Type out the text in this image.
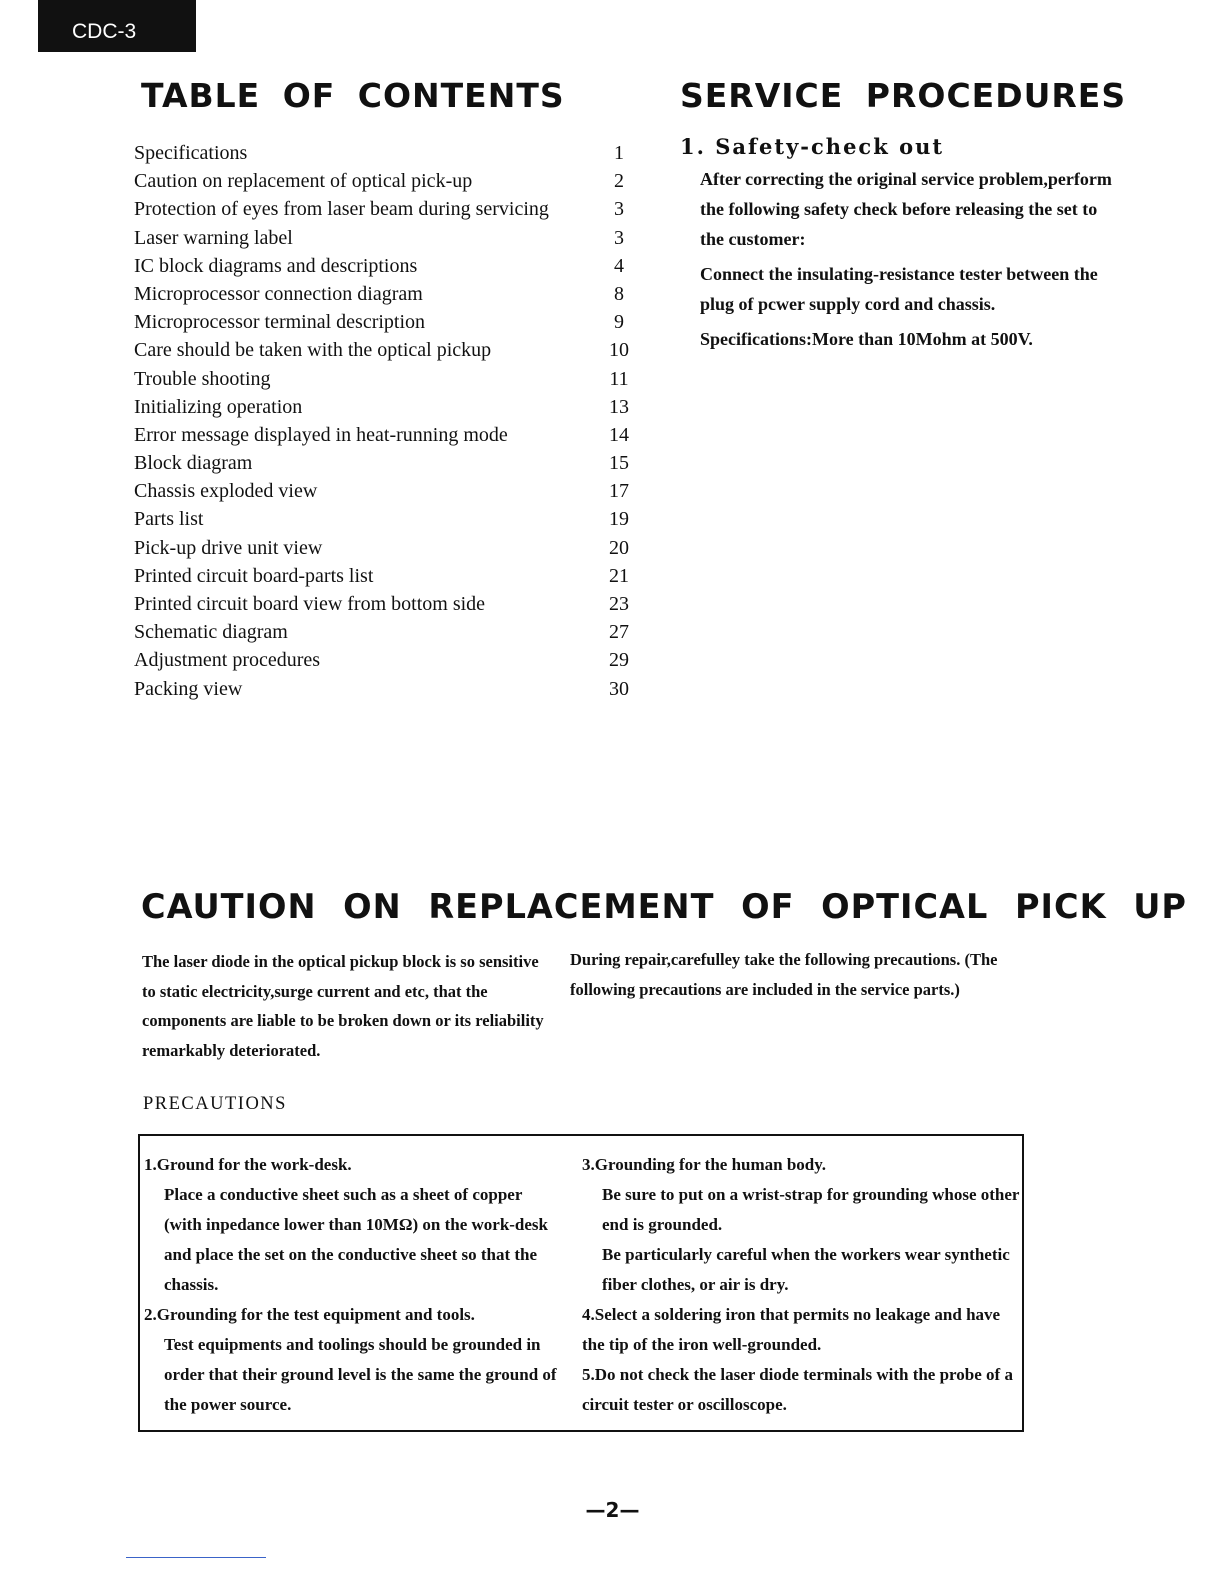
CDC-3
TABLE OF CONTENTS
Specifications	1
Caution on replacement of optical pick-up	2
Protection of eyes from laser beam during servicing	3
Laser warning label	3
IC block diagrams and descriptions	4
Microprocessor connection diagram	8
Microprocessor terminal description	9
Care should be taken with the optical pickup	10
Trouble shooting	11
Initializing operation	13
Error message displayed in heat-running mode	14
Block diagram	15
Chassis exploded view	17
Parts list	19
Pick-up drive unit view	20
Printed circuit board-parts list	21
Printed circuit board view from bottom side	23
Schematic diagram	27
Adjustment procedures	29
Packing view	30
SERVICE PROCEDURES
1. Safety-check out

After correcting the original service problem,perform the following safety check before releasing the set to the customer:

Connect the insulating-resistance tester between the plug of pcwer supply cord and chassis.

Specifications:More than 10Mohm at 500V.

CAUTION ON REPLACEMENT OF OPTICAL PICK UP
The laser diode in the optical pickup block is so sensitive to static electricity,surge current and etc, that the components are liable to be broken down or its reliability remarkably deteriorated.
During repair,carefulley take the following precautions. (The following precautions are included in the service parts.)
PRECAUTIONS
1.Ground for the work-desk.
Place a conductive sheet such as a sheet of copper (with inpedance lower than 10MΩ) on the work-desk and place the set on the conductive sheet so that the chassis.
2.Grounding for the test equipment and tools.
Test equipments and toolings should be grounded in order that their ground level is the same the ground of the power source.
3.Grounding for the human body.
Be sure to put on a wrist-strap for grounding whose other end is grounded.
Be particularly careful when the workers wear synthetic fiber clothes, or air is dry.
4.Select a soldering iron that permits no leakage and have the tip of the iron well-grounded.
5.Do not check the laser diode terminals with the probe of a circuit tester or oscilloscope.
—2—
